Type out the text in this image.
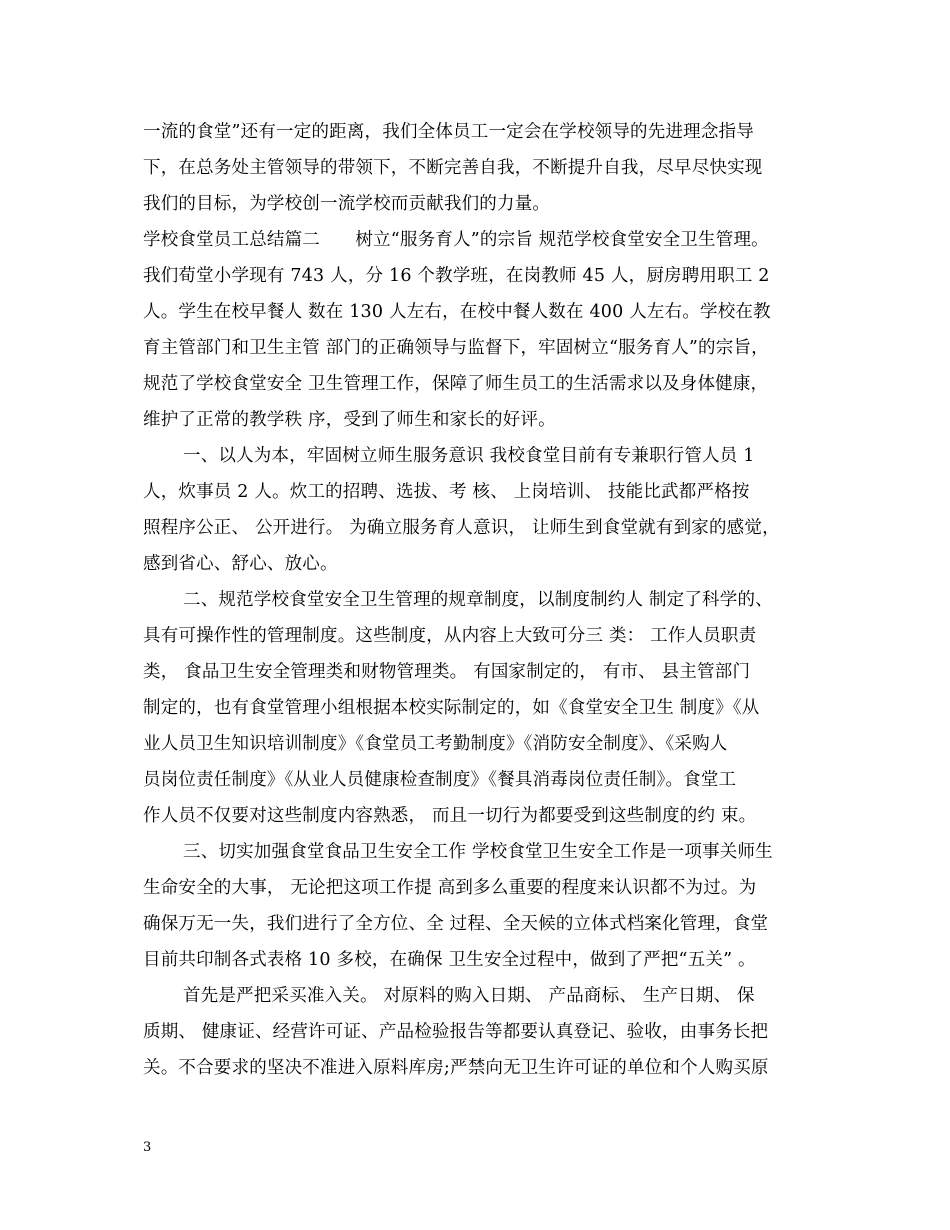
一流的食堂”还有一定的距离，我们全体员工一定会在学校领导的先进理念指导
下，在总务处主管领导的带领下，不断完善自我，不断提升自我，尽早尽快实现
我们的目标，为学校创一流学校而贡献我们的力量。
学校食堂员工总结篇二　　树立“服务育人”的宗旨 规范学校食堂安全卫生管理。
我们荀堂小学现有 743 人，分 16 个教学班，在岗教师 45 人，厨房聘用职工 2
人。学生在校早餐人 数在 130 人左右，在校中餐人数在 400 人左右。学校在教
育主管部门和卫生主管 部门的正确领导与监督下，牢固树立“服务育人”的宗旨，
规范了学校食堂安全 卫生管理工作，保障了师生员工的生活需求以及身体健康，
维护了正常的教学秩 序，受到了师生和家长的好评。
一、以人为本，牢固树立师生服务意识 我校食堂目前有专兼职行管人员 1
人，炊事员 2 人。炊工的招聘、选拔、考 核、 上岗培训、 技能比武都严格按
照程序公正、 公开进行。 为确立服务育人意识， 让师生到食堂就有到家的感觉，
感到省心、舒心、放心。
二、规范学校食堂安全卫生管理的规章制度，以制度制约人 制定了科学的、
具有可操作性的管理制度。这些制度，从内容上大致可分三 类： 工作人员职责
类， 食品卫生安全管理类和财物管理类。 有国家制定的， 有市、 县主管部门
制定的，也有食堂管理小组根据本校实际制定的，如《食堂安全卫生 制度》《从
业人员卫生知识培训制度》《食堂员工考勤制度》《消防安全制度》、《采购人
员岗位责任制度》《从业人员健康检查制度》《餐具消毒岗位责任制》。食堂工
作人员不仅要对这些制度内容熟悉， 而且一切行为都要受到这些制度的约 束。
三、切实加强食堂食品卫生安全工作 学校食堂卫生安全工作是一项事关师生
生命安全的大事， 无论把这项工作提 高到多么重要的程度来认识都不为过。为
确保万无一失，我们进行了全方位、全 过程、全天候的立体式档案化管理，食堂
目前共印制各式表格 10 多校，在确保 卫生安全过程中，做到了严把“五关” 。
首先是严把采买准入关。 对原料的购入日期、 产品商标、 生产日期、 保
质期、 健康证、经营许可证、产品检验报告等都要认真登记、验收，由事务长把
关。不合要求的坚决不准进入原料库房;严禁向无卫生许可证的单位和个人购买原
3
